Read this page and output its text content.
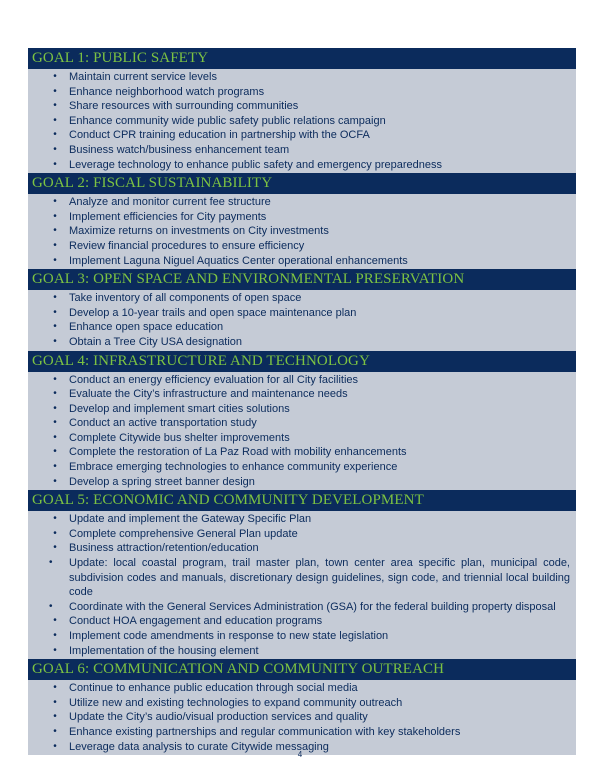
GOAL 1: PUBLIC SAFETY
•	Maintain current service levels
•	Enhance neighborhood watch programs
•	Share resources with surrounding communities
•	Enhance community wide public safety public relations campaign
•	Conduct CPR training education in partnership with the OCFA
•	Business watch/business enhancement team
•	Leverage technology to enhance public safety and emergency preparedness
GOAL 2: FISCAL SUSTAINABILITY
•	Analyze and monitor current fee structure
•	Implement efficiencies for City payments
•	Maximize returns on investments on City investments
•	Review financial procedures to ensure efficiency
•	Implement Laguna Niguel Aquatics Center operational enhancements
GOAL 3: OPEN SPACE AND ENVIRONMENTAL PRESERVATION
•	Take inventory of all components of open space
•	Develop a 10-year trails and open space maintenance plan
•	Enhance open space education
•	Obtain a Tree City USA designation
GOAL 4: INFRASTRUCTURE AND TECHNOLOGY
•	Conduct an energy efficiency evaluation for all City facilities
•	Evaluate the City’s infrastructure and maintenance needs
•	Develop and implement smart cities solutions
•	Conduct an active transportation study
•	Complete Citywide bus shelter improvements
•	Complete the restoration of La Paz Road with mobility enhancements
•	Embrace emerging technologies to enhance community experience
•	Develop a spring street banner design
GOAL 5: ECONOMIC AND COMMUNITY DEVELOPMENT
•	Update and implement the Gateway Specific Plan
•	Complete comprehensive General Plan update
•	Business attraction/retention/education
•	Update: local coastal program, trail master plan, town center area specific plan, municipal code, subdivision codes and manuals, discretionary design guidelines, sign code, and triennial local building code
•	Coordinate with the General Services Administration (GSA) for the federal building property disposal
•	Conduct HOA engagement and education programs
•	Implement code amendments in response to new state legislation
•	Implementation of the housing element
GOAL 6: COMMUNICATION AND COMMUNITY OUTREACH
•	Continue to enhance public education through social media
•	Utilize new and existing technologies to expand community outreach
•	Update the City’s audio/visual production services and quality
•	Enhance existing partnerships and regular communication with key stakeholders
•	Leverage data analysis to curate Citywide messaging
4
